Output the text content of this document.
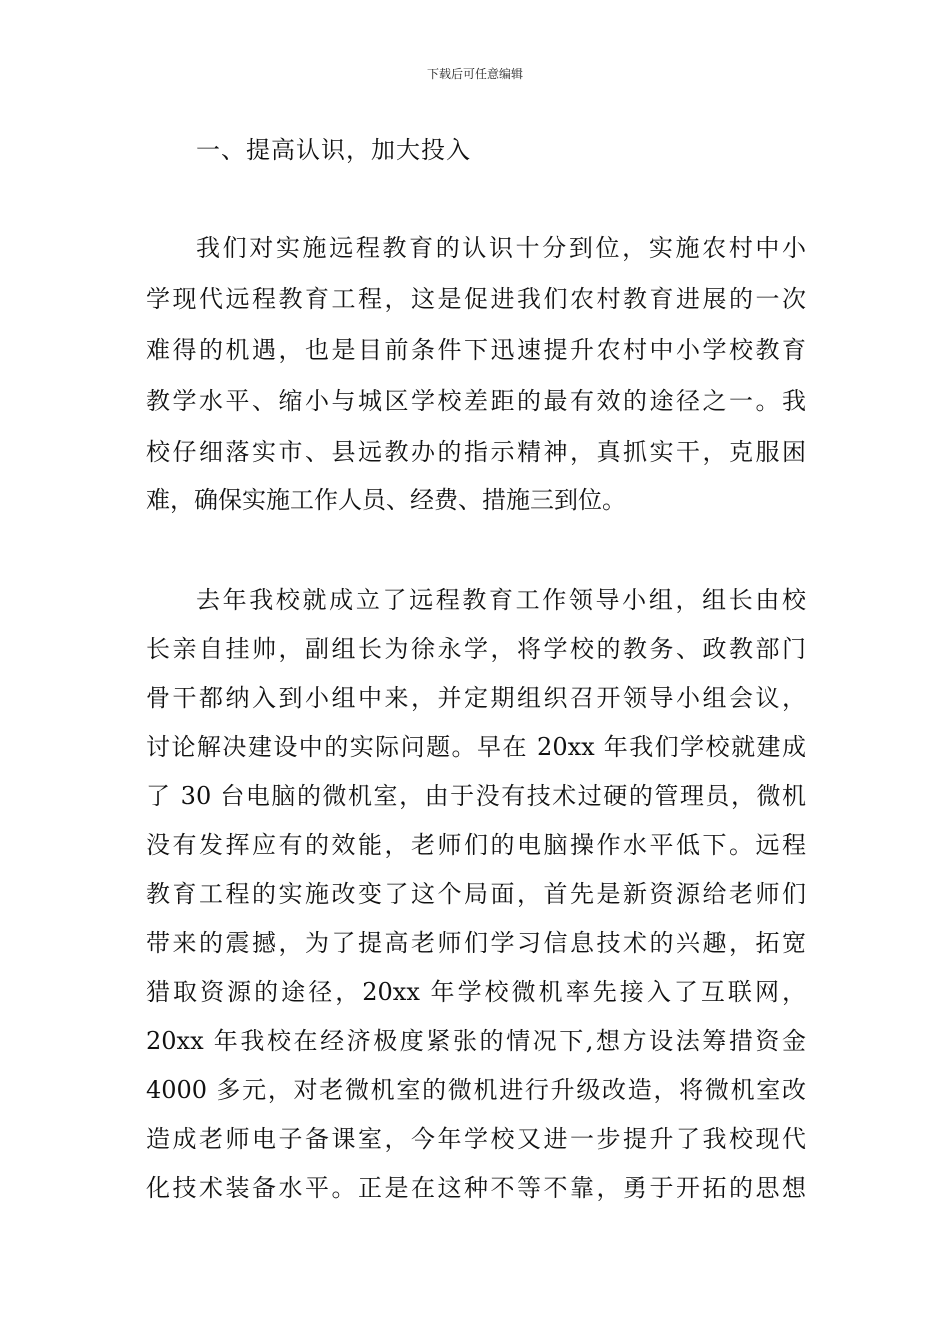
下载后可任意编辑
一、提高认识，加大投入
我们对实施远程教育的认识十分到位，实施农村中小
学现代远程教育工程，这是促进我们农村教育进展的一次
难得的机遇，也是目前条件下迅速提升农村中小学校教育
教学水平、缩小与城区学校差距的最有效的途径之一。我
校仔细落实市、县远教办的指示精神，真抓实干，克服困
难，确保实施工作人员、经费、措施三到位。
去年我校就成立了远程教育工作领导小组，组长由校
长亲自挂帅，副组长为徐永学，将学校的教务、政教部门
骨干都纳入到小组中来，并定期组织召开领导小组会议，
讨论解决建设中的实际问题。早在 20xx 年我们学校就建成
了 30 台电脑的微机室，由于没有技术过硬的管理员，微机
没有发挥应有的效能，老师们的电脑操作水平低下。远程
教育工程的实施改变了这个局面，首先是新资源给老师们
带来的震撼，为了提高老师们学习信息技术的兴趣，拓宽
猎取资源的途径，20xx 年学校微机率先接入了互联网，
20xx 年我校在经济极度紧张的情况下,想方设法筹措资金
4000 多元，对老微机室的微机进行升级改造，将微机室改
造成老师电子备课室，今年学校又进一步提升了我校现代
化技术装备水平。正是在这种不等不靠，勇于开拓的思想
